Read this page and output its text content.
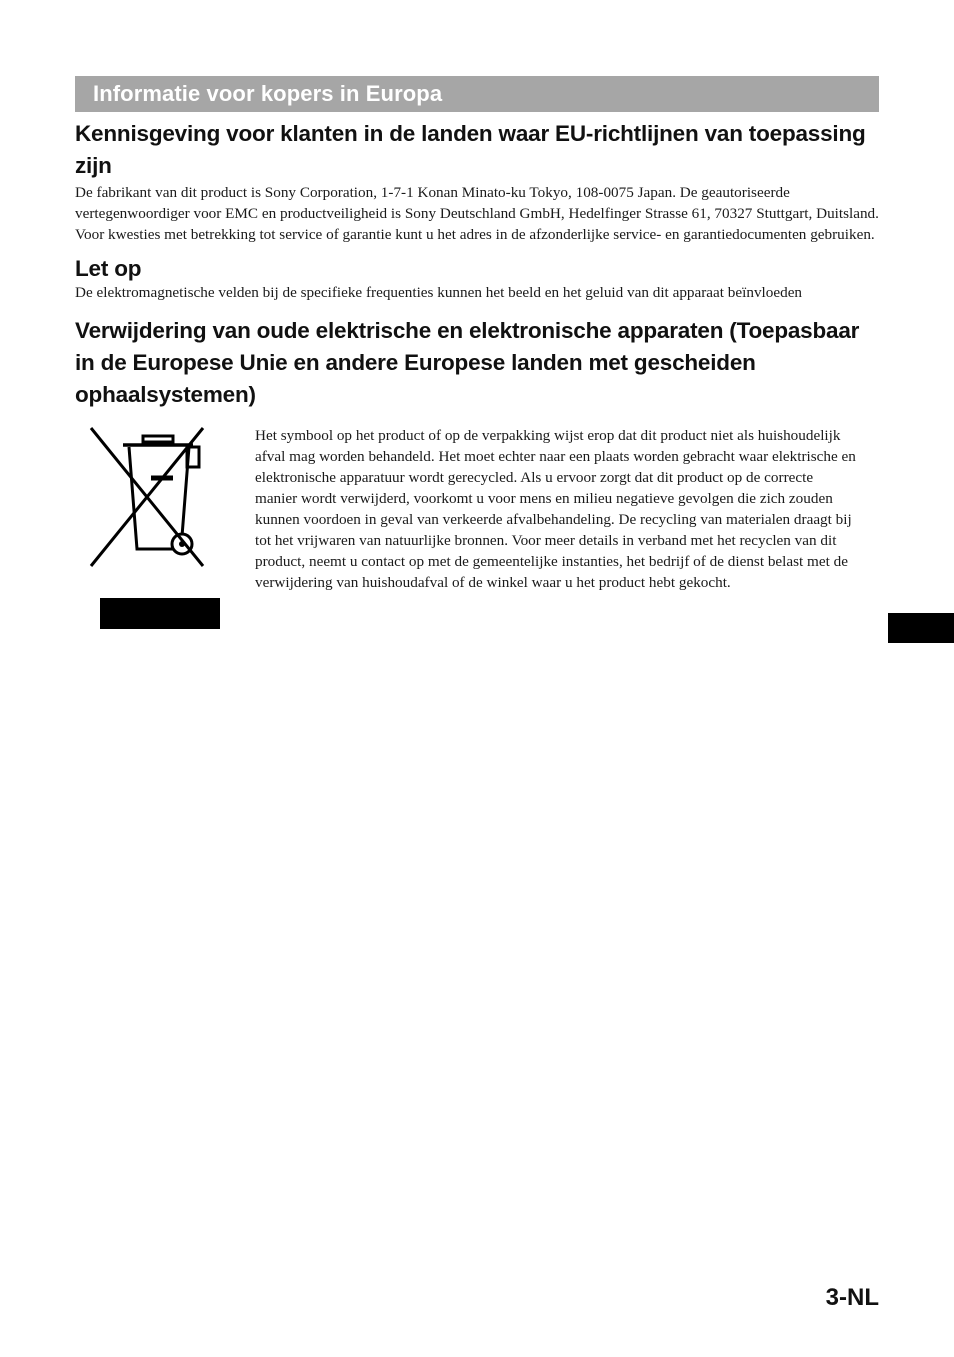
Informatie voor kopers in Europa
Kennisgeving voor klanten in de landen waar EU-richtlijnen van toepassing zijn

De fabrikant van dit product is Sony Corporation, 1-7-1 Konan Minato-ku Tokyo, 108-0075 Japan. De geautoriseerde vertegenwoordiger voor EMC en productveiligheid is Sony Deutschland GmbH, Hedelfinger Strasse 61, 70327 Stuttgart, Duitsland. Voor kwesties met betrekking tot service of garantie kunt u het adres in de afzonderlijke service- en garantiedocumenten gebruiken.

Let op

De elektromagnetische velden bij de specifieke frequenties kunnen het beeld en het geluid van dit apparaat beïnvloeden

Verwijdering van oude elektrische en elektronische apparaten (Toepasbaar in de Europese Unie en andere Europese landen met gescheiden ophaalsystemen)

Het symbool op het product of op de verpakking wijst erop dat dit product niet als huishoudelijk afval mag worden behandeld. Het moet echter naar een plaats worden gebracht waar elektrische en elektronische apparatuur wordt gerecycled. Als u ervoor zorgt dat dit product op de correcte manier wordt verwijderd, voorkomt u voor mens en milieu negatieve gevolgen die zich zouden kunnen voordoen in geval van verkeerde afvalbehandeling. De recycling van materialen draagt bij tot het vrijwaren van natuurlijke bronnen. Voor meer details in verband met het recyclen van dit product, neemt u contact op met de gemeentelijke instanties, het bedrijf of de dienst belast met de verwijdering van huishoudafval of de winkel waar u het product hebt gekocht.

3-NL
